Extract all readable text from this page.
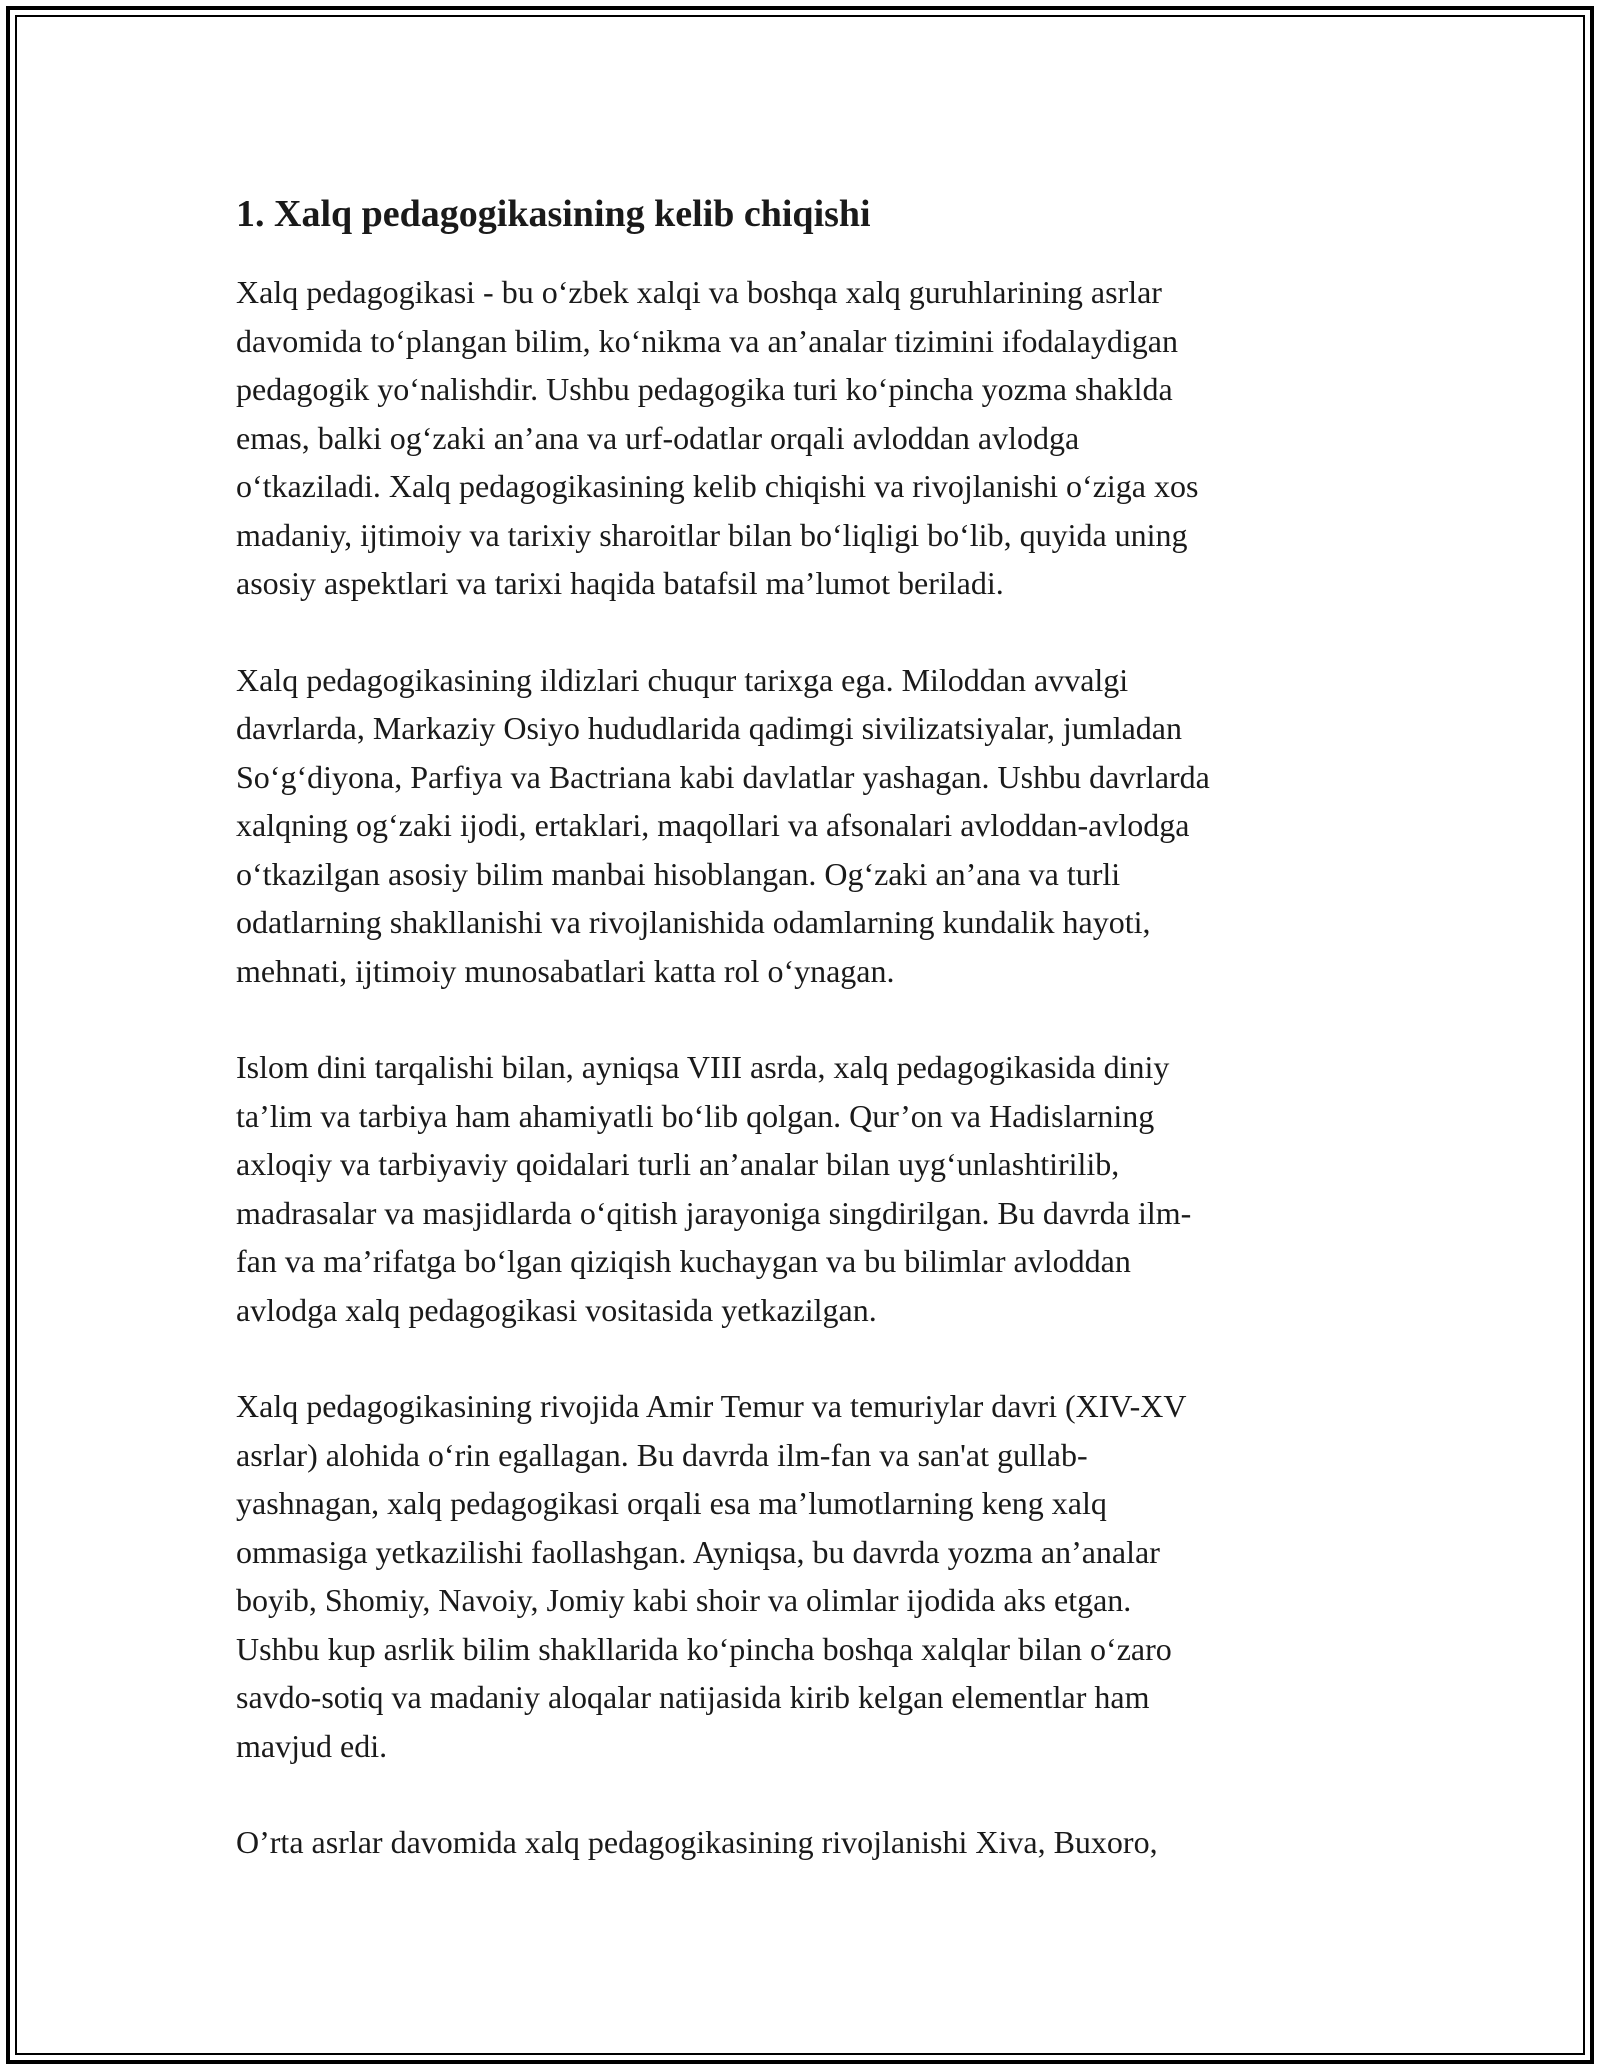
1. Xalq pedagogikasining kelib chiqishi

Xalq pedagogikasi - bu o‘zbek xalqi va boshqa xalq guruhlarining asrlar
davomida to‘plangan bilim, ko‘nikma va an’analar tizimini ifodalaydigan
pedagogik yo‘nalishdir. Ushbu pedagogika turi ko‘pincha yozma shaklda
emas, balki og‘zaki an’ana va urf-odatlar orqali avloddan avlodga
o‘tkaziladi. Xalq pedagogikasining kelib chiqishi va rivojlanishi o‘ziga xos
madaniy, ijtimoiy va tarixiy sharoitlar bilan bo‘liqligi bo‘lib, quyida uning
asosiy aspektlari va tarixi haqida batafsil ma’lumot beriladi.

Xalq pedagogikasining ildizlari chuqur tarixga ega. Miloddan avvalgi
davrlarda, Markaziy Osiyo hududlarida qadimgi sivilizatsiyalar, jumladan
So‘g‘diyona, Parfiya va Bactriana kabi davlatlar yashagan. Ushbu davrlarda
xalqning og‘zaki ijodi, ertaklari, maqollari va afsonalari avloddan-avlodga
o‘tkazilgan asosiy bilim manbai hisoblangan. Og‘zaki an’ana va turli
odatlarning shakllanishi va rivojlanishida odamlarning kundalik hayoti,
mehnati, ijtimoiy munosabatlari katta rol o‘ynagan.

Islom dini tarqalishi bilan, ayniqsa VIII asrda, xalq pedagogikasida diniy
ta’lim va tarbiya ham ahamiyatli bo‘lib qolgan. Qur’on va Hadislarning
axloqiy va tarbiyaviy qoidalari turli an’analar bilan uyg‘unlashtirilib,
madrasalar va masjidlarda o‘qitish jarayoniga singdirilgan. Bu davrda ilm-
fan va ma’rifatga bo‘lgan qiziqish kuchaygan va bu bilimlar avloddan
avlodga xalq pedagogikasi vositasida yetkazilgan.

Xalq pedagogikasining rivojida Amir Temur va temuriylar davri (XIV-XV
asrlar) alohida o‘rin egallagan. Bu davrda ilm-fan va san'at gullab-
yashnagan, xalq pedagogikasi orqali esa ma’lumotlarning keng xalq
ommasiga yetkazilishi faollashgan. Ayniqsa, bu davrda yozma an’analar
boyib, Shomiy, Navoiy, Jomiy kabi shoir va olimlar ijodida aks etgan.
Ushbu kup asrlik bilim shakllarida ko‘pincha boshqa xalqlar bilan o‘zaro
savdo-sotiq va madaniy aloqalar natijasida kirib kelgan elementlar ham
mavjud edi.

O’rta asrlar davomida xalq pedagogikasining rivojlanishi Xiva, Buxoro,
